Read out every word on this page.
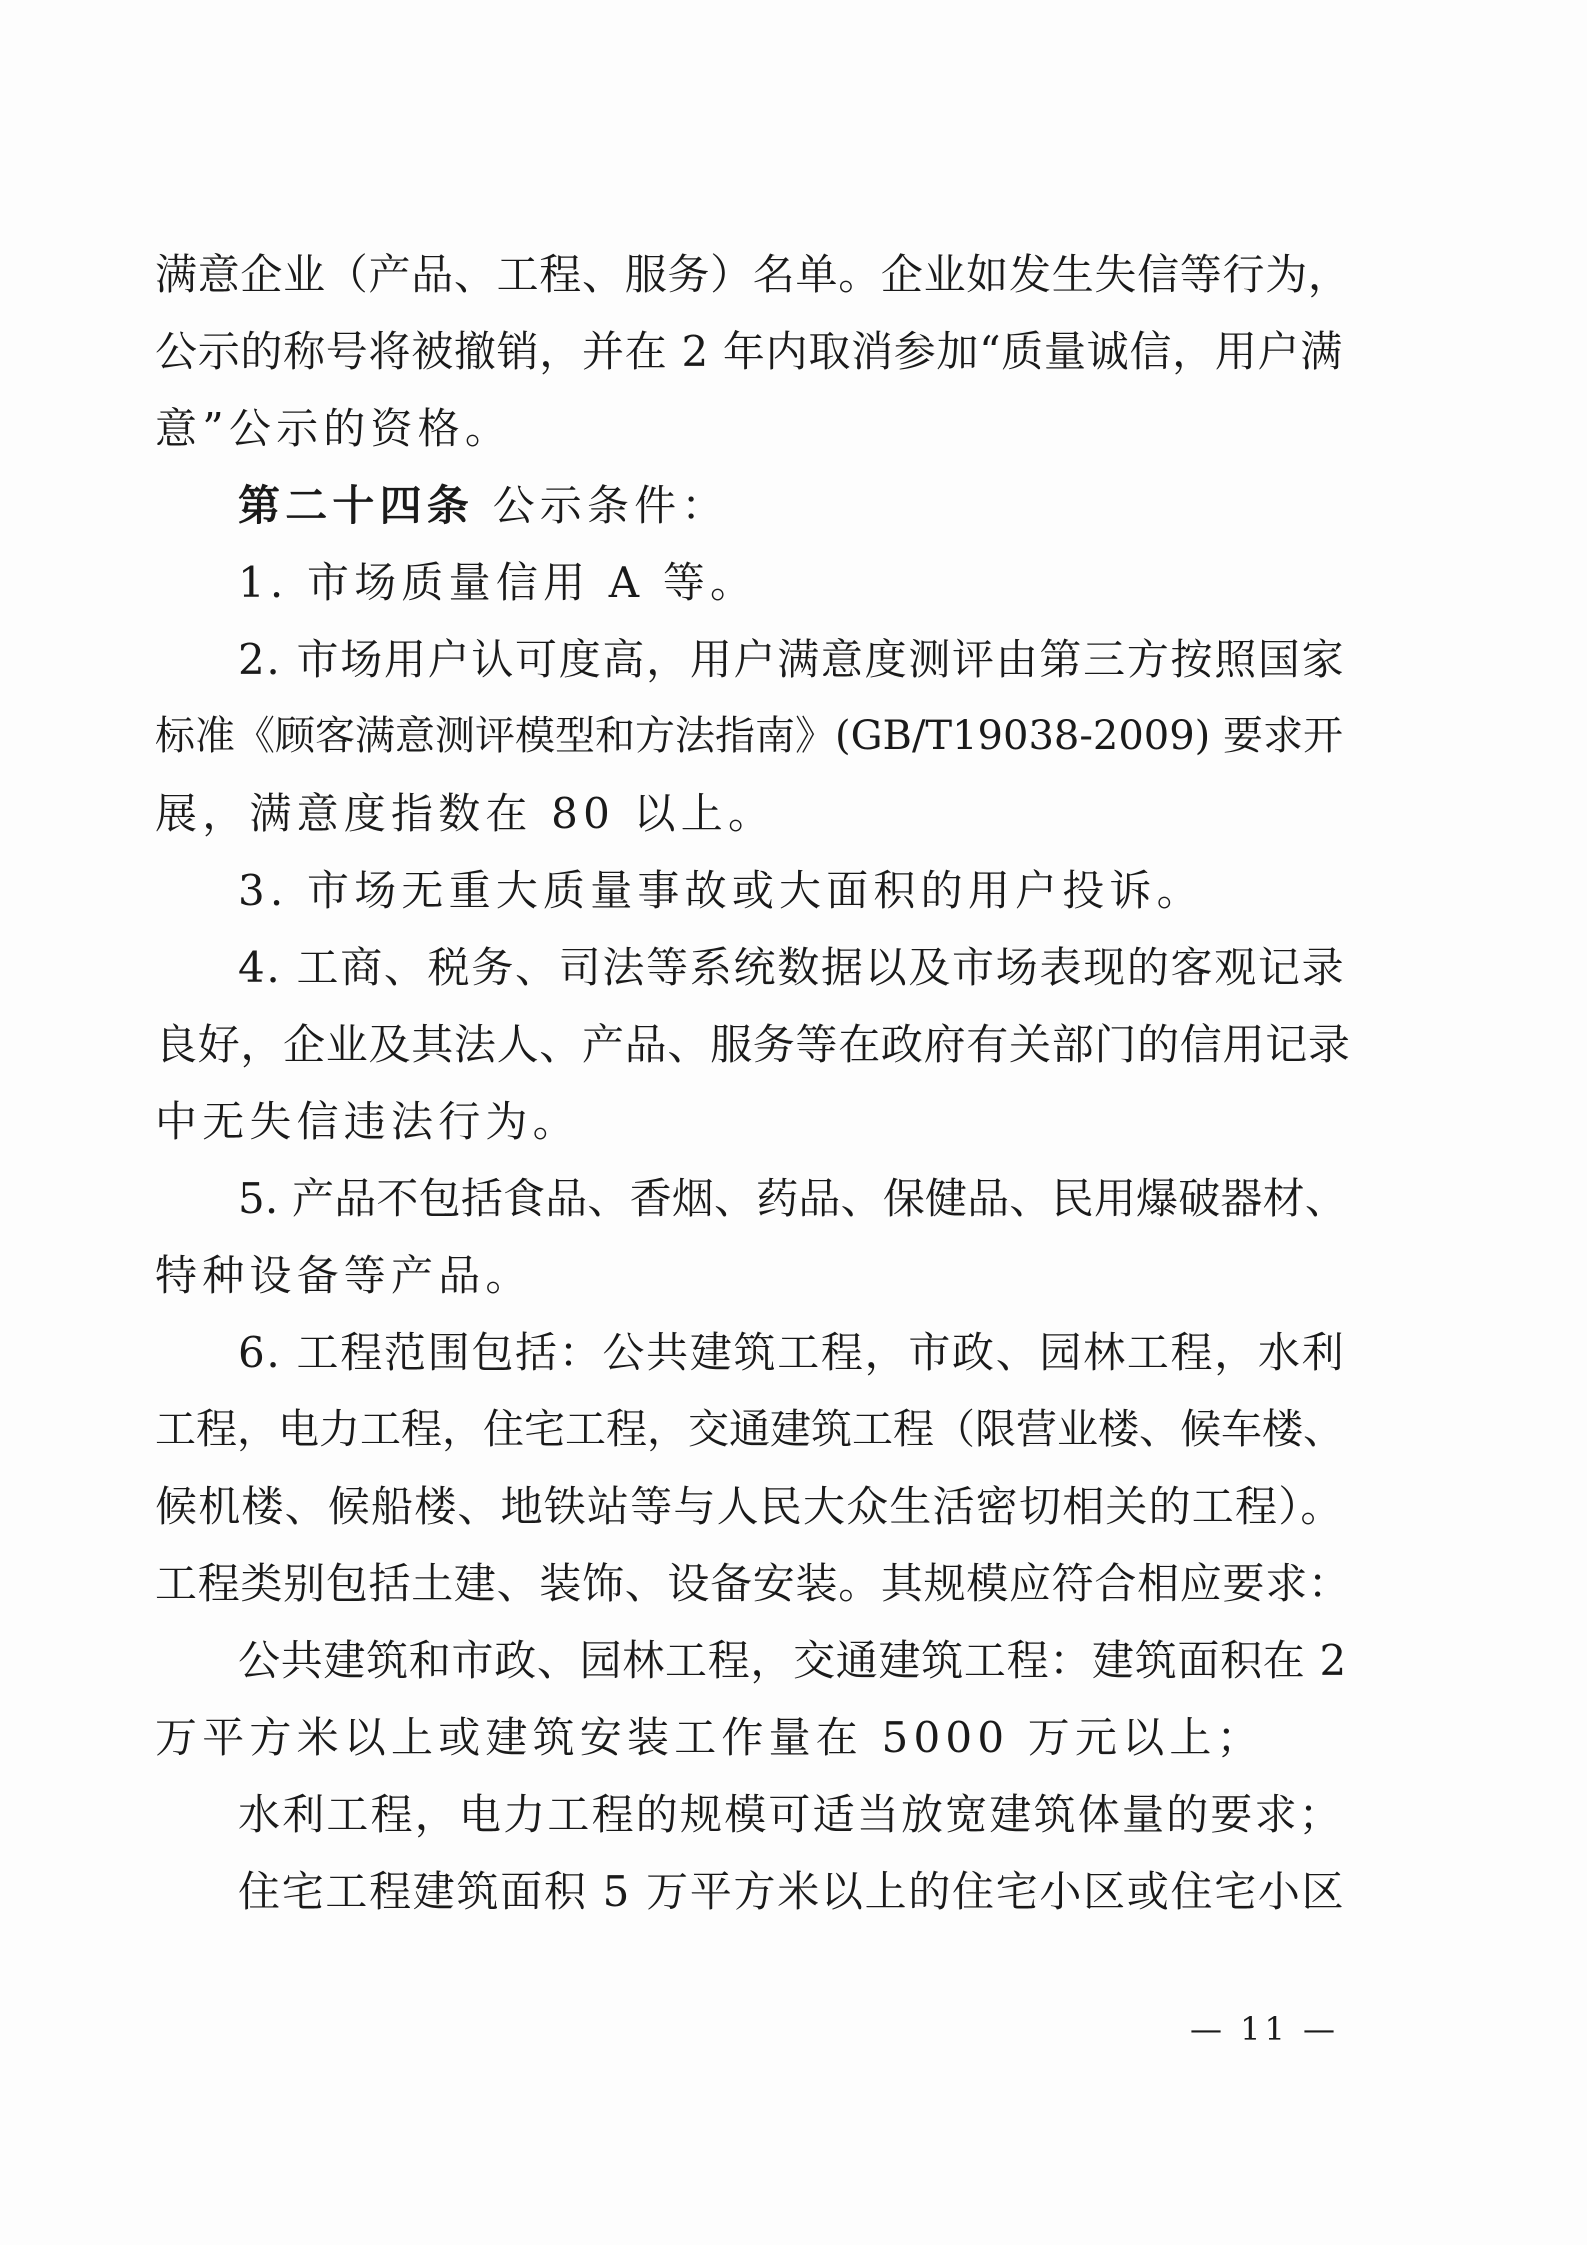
满意企业（产品、工程、服务）名单。企业如发生失信等行为，
公示的称号将被撤销，并在 2 年内取消参加“质量诚信，用户满
意”公示的资格。
第二十四条 公示条件：
1. 市场质量信用 A 等。
2. 市场用户认可度高，用户满意度测评由第三方按照国家
标准《顾客满意测评模型和方法指南》(GB/T19038-2009) 要求开
展，满意度指数在 80 以上。
3. 市场无重大质量事故或大面积的用户投诉。
4. 工商、税务、司法等系统数据以及市场表现的客观记录
良好，企业及其法人、产品、服务等在政府有关部门的信用记录
中无失信违法行为。
5. 产品不包括食品、香烟、药品、保健品、民用爆破器材、
特种设备等产品。
6. 工程范围包括：公共建筑工程，市政、园林工程，水利
工程，电力工程，住宅工程，交通建筑工程（限营业楼、候车楼、
候机楼、候船楼、地铁站等与人民大众生活密切相关的工程）。
工程类别包括土建、装饰、设备安装。其规模应符合相应要求：
公共建筑和市政、园林工程，交通建筑工程：建筑面积在 2
万平方米以上或建筑安装工作量在 5000 万元以上；
水利工程，电力工程的规模可适当放宽建筑体量的要求；
住宅工程建筑面积 5 万平方米以上的住宅小区或住宅小区
— 11 —
